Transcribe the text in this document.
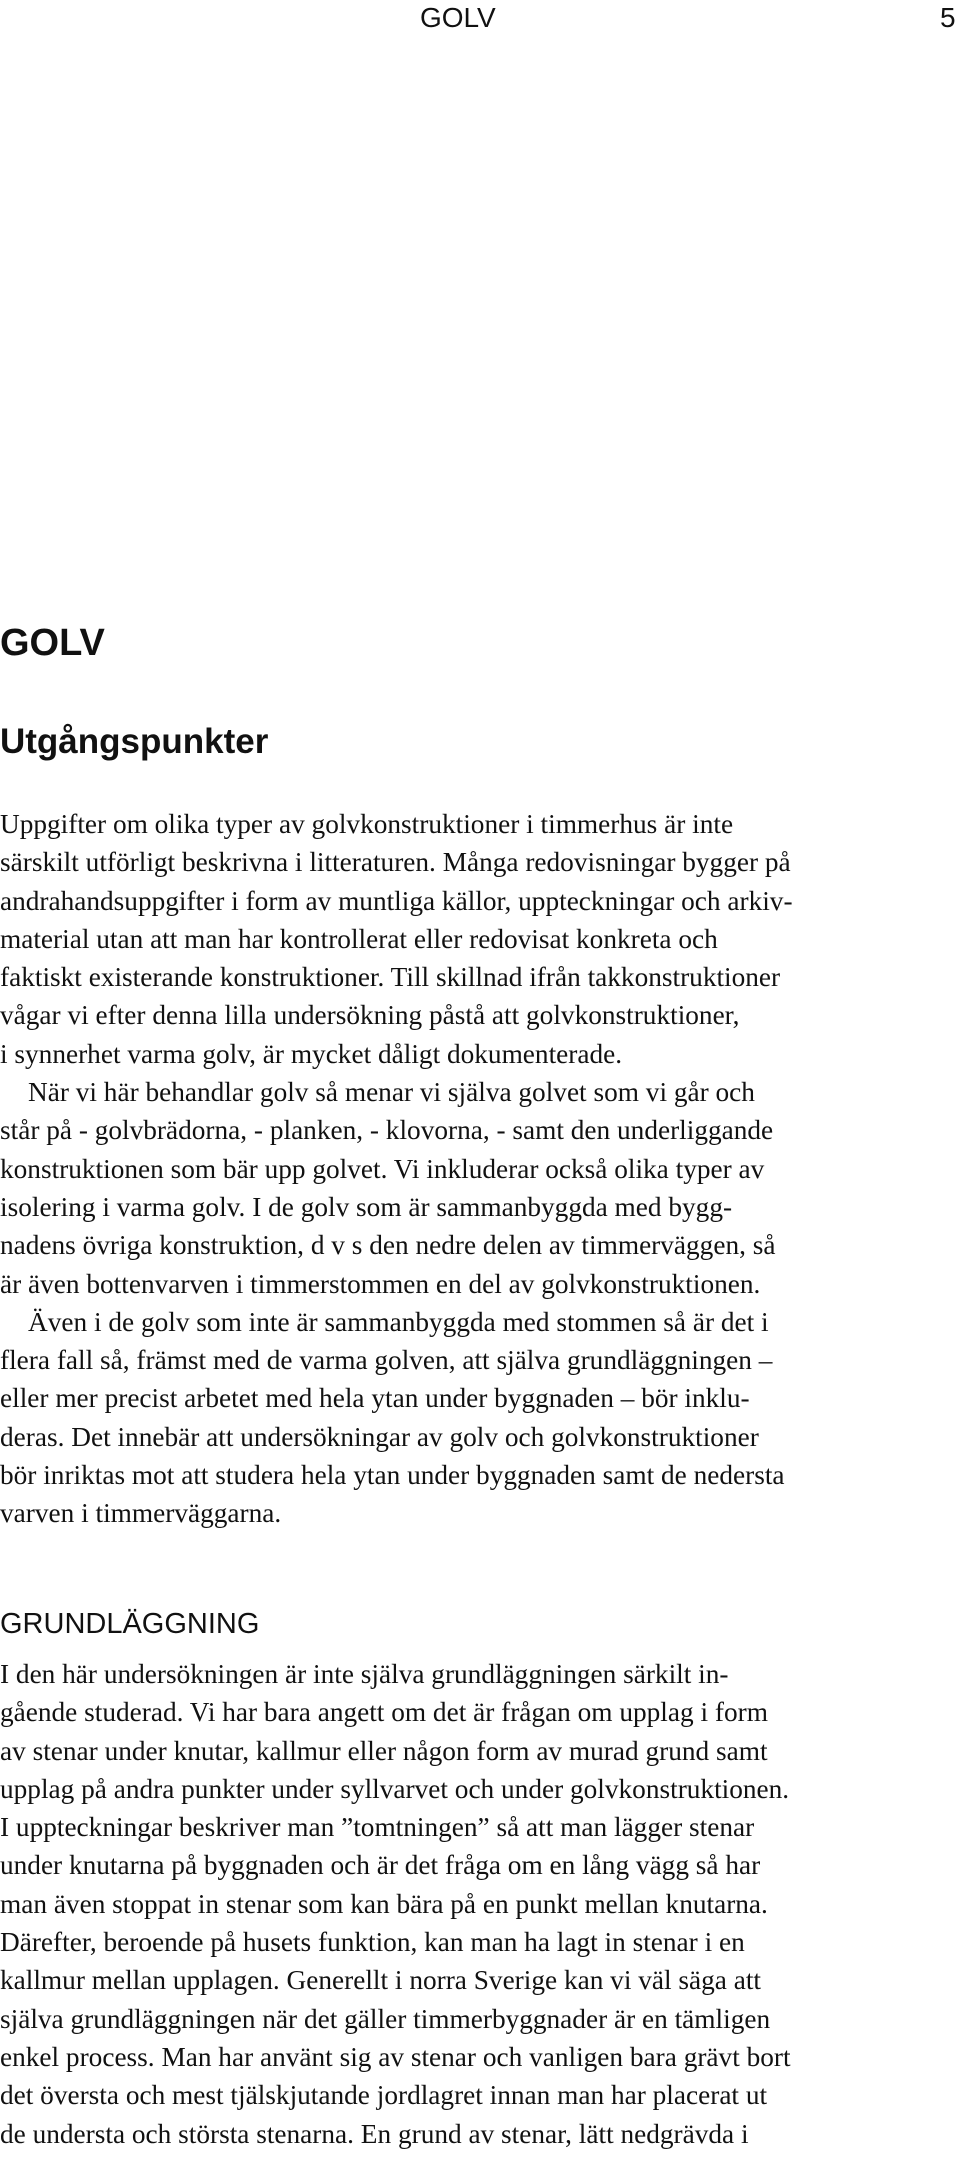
GOLV	5
GOLV
Utgångspunkter

Uppgifter om olika typer av golvkonstruktioner i timmerhus är inte
särskilt utförligt beskrivna i litteraturen. Många redovisningar bygger på
andrahandsuppgifter i form av muntliga källor, uppteckningar och arkiv-
material utan att man har kontrollerat eller redovisat konkreta och
faktiskt existerande konstruktioner. Till skillnad ifrån takkonstruktioner
vågar vi efter denna lilla undersökning påstå att golvkonstruktioner,
i synnerhet varma golv, är mycket dåligt dokumenterade.

När vi här behandlar golv så menar vi själva golvet som vi går och
står på - golvbrädorna, - planken, - klovorna, - samt den underliggande
konstruktionen som bär upp golvet. Vi inkluderar också olika typer av
isolering i varma golv. I de golv som är sammanbyggda med bygg-
nadens övriga konstruktion, d v s den nedre delen av timmerväggen, så
är även bottenvarven i timmerstommen en del av golvkonstruktionen.

Även i de golv som inte är sammanbyggda med stommen så är det i
flera fall så, främst med de varma golven, att själva grundläggningen –
eller mer precist arbetet med hela ytan under byggnaden – bör inklu-
deras. Det innebär att undersökningar av golv och golvkonstruktioner
bör inriktas mot att studera hela ytan under byggnaden samt de nedersta
varven i timmerväggarna.

GRUNDLÄGGNING

I den här undersökningen är inte själva grundläggningen särkilt in-
gående studerad. Vi har bara angett om det är frågan om upplag i form
av stenar under knutar, kallmur eller någon form av murad grund samt
upplag på andra punkter under syllvarvet och under golvkonstruktionen.
I uppteckningar beskriver man ”tomtningen” så att man lägger stenar
under knutarna på byggnaden och är det fråga om en lång vägg så har
man även stoppat in stenar som kan bära på en punkt mellan knutarna.
Därefter, beroende på husets funktion, kan man ha lagt in stenar i en
kallmur mellan upplagen. Generellt i norra Sverige kan vi väl säga att
själva grundläggningen när det gäller timmerbyggnader är en tämligen
enkel process. Man har använt sig av stenar och vanligen bara grävt bort
det översta och mest tjälskjutande jordlagret innan man har placerat ut
de understa och största stenarna. En grund av stenar, lätt nedgrävda i
